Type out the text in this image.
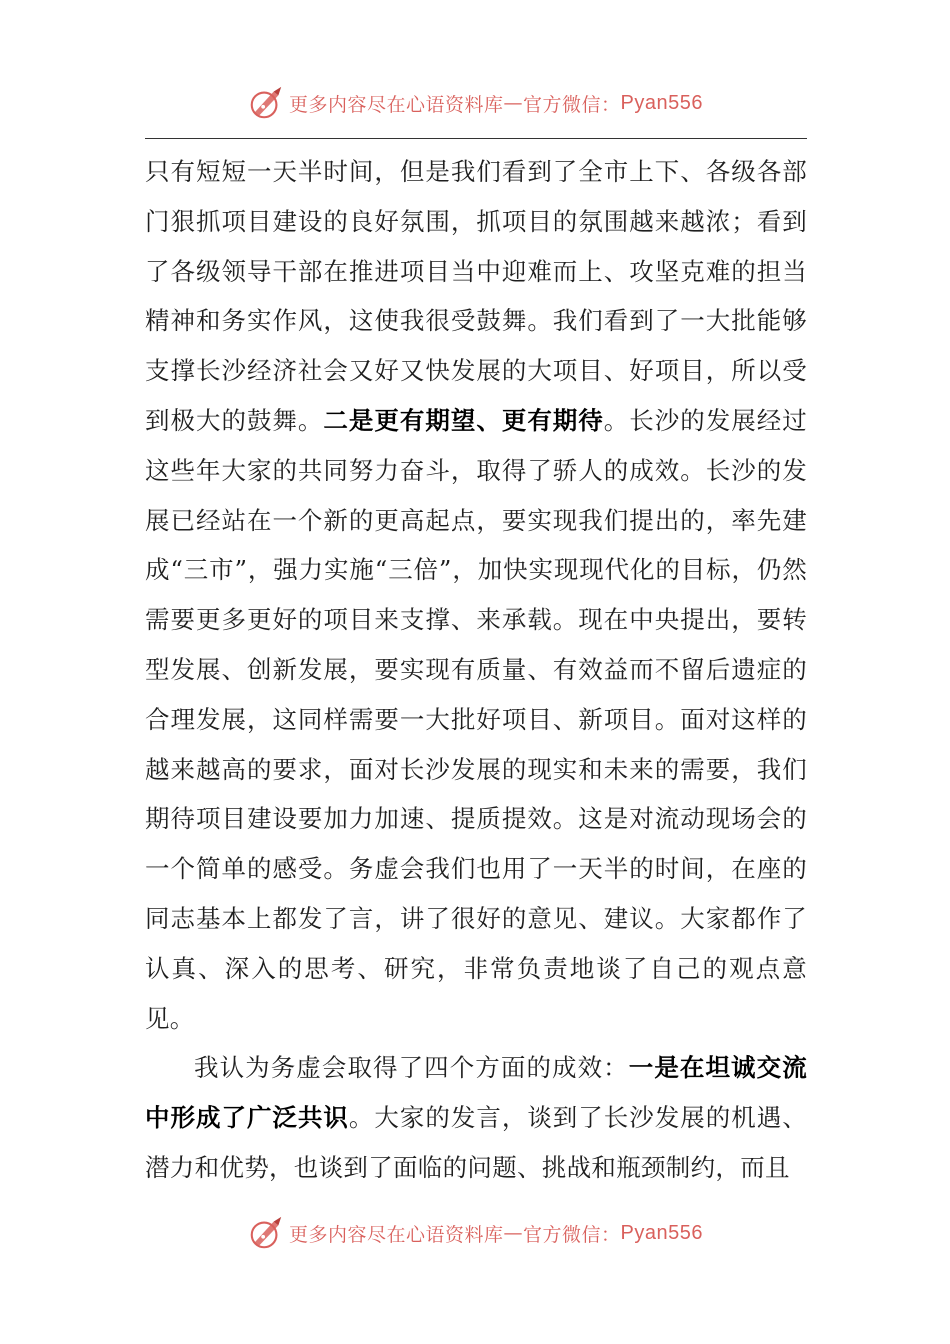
更多内容尽在心语资料库 — 官方微信： Pyan556

只有短短一天半时间，但是我们看到了全市上下、各级各部门狠抓项目建设的良好氛围，抓项目的氛围越来越浓；看到了各级领导干部在推进项目当中迎难而上、攻坚克难的担当精神和务实作风，这使我很受鼓舞。我们看到了一大批能够支撑长沙经济社会又好又快发展的大项目、好项目，所以受到极大的鼓舞。二是更有期望、更有期待。长沙的发展经过这些年大家的共同努力奋斗，取得了骄人的成效。长沙的发展已经站在一个新的更高起点，要实现我们提出的，率先建成“三市”，强力实施“三倍”，加快实现现代化的目标，仍然需要更多更好的项目来支撑、来承载。现在中央提出，要转型发展、创新发展，要实现有质量、有效益而不留后遗症的合理发展，这同样需要一大批好项目、新项目。面对这样的越来越高的要求，面对长沙发展的现实和未来的需要，我们期待项目建设要加力加速、提质提效。这是对流动现场会的一个简单的感受。务虚会我们也用了一天半的时间，在座的同志基本上都发了言，讲了很好的意见、建议。大家都作了认真、深入的思考、研究，非常负责地谈了自己的观点意见。

我认为务虚会取得了四个方面的成效：一是在坦诚交流中形成了广泛共识。大家的发言，谈到了长沙发展的机遇、潜力和优势，也谈到了面临的问题、挑战和瓶颈制约，而且

更多内容尽在心语资料库 — 官方微信： Pyan556
